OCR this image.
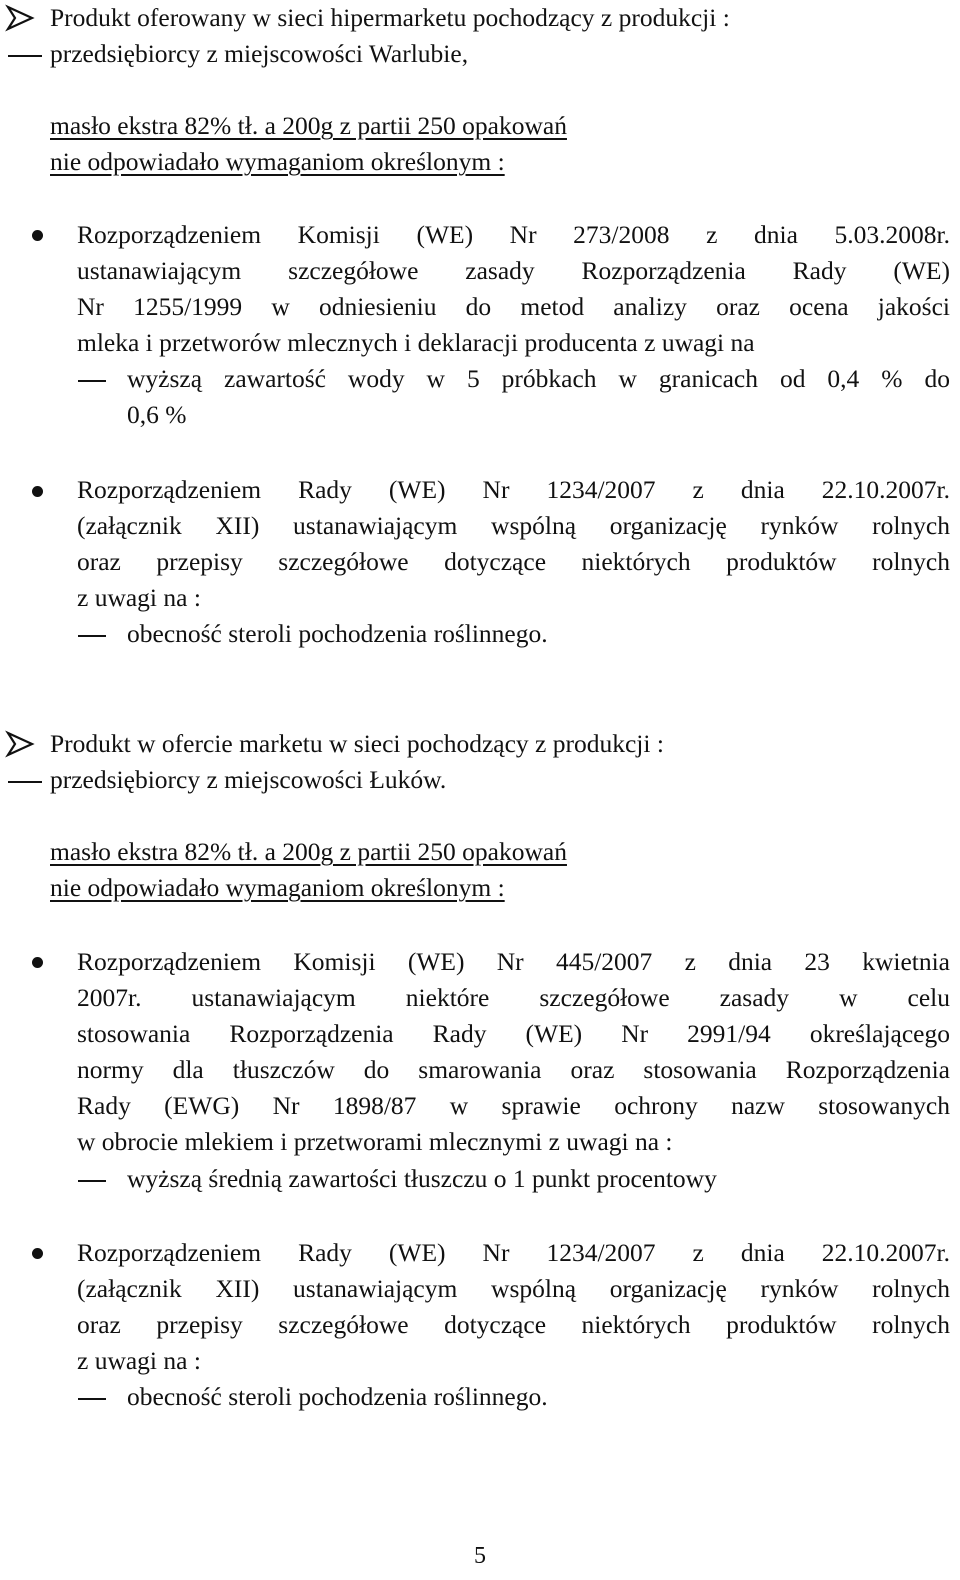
Produkt oferowany w sieci hipermarketu pochodzący z produkcji :
przedsiębiorcy z miejscowości Warlubie,
masło ekstra 82% tł. a 200g z partii 250 opakowań
nie odpowiadało wymaganiom określonym :
Rozporządzeniem Komisji (WE) Nr 273/2008 z dnia 5.03.2008r.
ustanawiającym szczegółowe zasady Rozporządzenia Rady (WE)
Nr 1255/1999 w odniesieniu do metod analizy oraz ocena jakości
mleka i przetworów mlecznych i deklaracji producenta z uwagi na
wyższą zawartość wody w 5 próbkach w granicach od 0,4 % do
0,6 %
Rozporządzeniem Rady (WE) Nr 1234/2007 z dnia 22.10.2007r.
(załącznik XII) ustanawiającym wspólną organizację rynków rolnych
oraz przepisy szczegółowe dotyczące niektórych produktów rolnych
z uwagi na :
obecność steroli pochodzenia roślinnego.
Produkt w ofercie marketu w sieci pochodzący z produkcji :
przedsiębiorcy z miejscowości Łuków.
masło ekstra 82% tł. a 200g z partii 250 opakowań
nie odpowiadało wymaganiom określonym :
Rozporządzeniem Komisji (WE) Nr 445/2007 z dnia 23 kwietnia
2007r. ustanawiającym niektóre szczegółowe zasady w celu
stosowania Rozporządzenia Rady (WE) Nr 2991/94 określającego
normy dla tłuszczów do smarowania oraz stosowania Rozporządzenia
Rady (EWG) Nr 1898/87 w sprawie ochrony nazw stosowanych
w obrocie mlekiem i przetworami mlecznymi z uwagi na :
wyższą średnią zawartości tłuszczu o 1 punkt procentowy
Rozporządzeniem Rady (WE) Nr 1234/2007 z dnia 22.10.2007r.
(załącznik XII) ustanawiającym wspólną organizację rynków rolnych
oraz przepisy szczegółowe dotyczące niektórych produktów rolnych
z uwagi na :
obecność steroli pochodzenia roślinnego.
5
